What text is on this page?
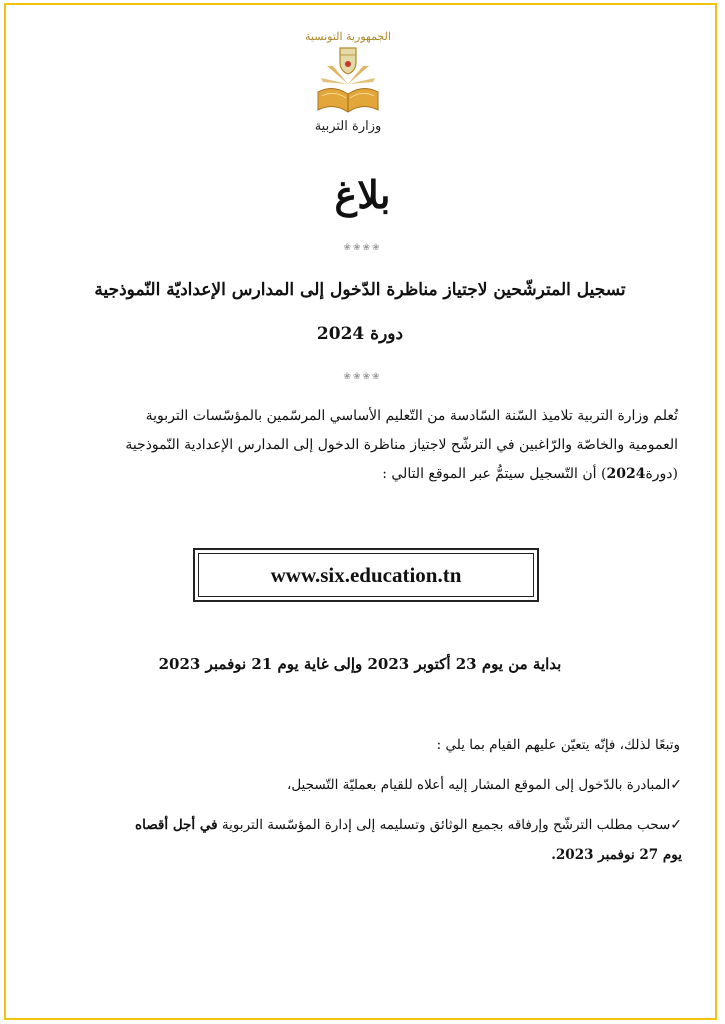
الجمهورية التونسية
وزارة التربية
بلاغ
❀❀❀❀
تسجيل المترشّحين لاجتياز مناظرة الدّخول إلى المدارس الإعداديّة النّموذجية
دورة 2024
❀❀❀❀
تُعلم وزارة التربية تلاميذ السّنة السّادسة من التّعليم الأساسي المرسّمين بالمؤسّسات التربوية
العمومية والخاصّة والرّاغبين في الترشّح لاجتياز مناظرة الدخول إلى المدارس الإعدادية النّموذجية
(دورة2024) أن التّسجيل سيتمُّ عبر الموقع التالي :
www.six.education.tn
بداية من يوم 23 أكتوبر 2023 وإلى غاية يوم 21 نوفمبر 2023
وتبعًا لذلك، فإنّه يتعيّن عليهم القيام بما يلي :
✓المبادرة بالدّخول إلى الموقع المشار إليه أعلاه للقيام بعمليّة التّسجيل،
✓سحب مطلب الترشّح وإرفاقه بجميع الوثائق وتسليمه إلى إدارة المؤسّسة التربوية في أجل أقصاه
يوم 27 نوفمبر 2023.
